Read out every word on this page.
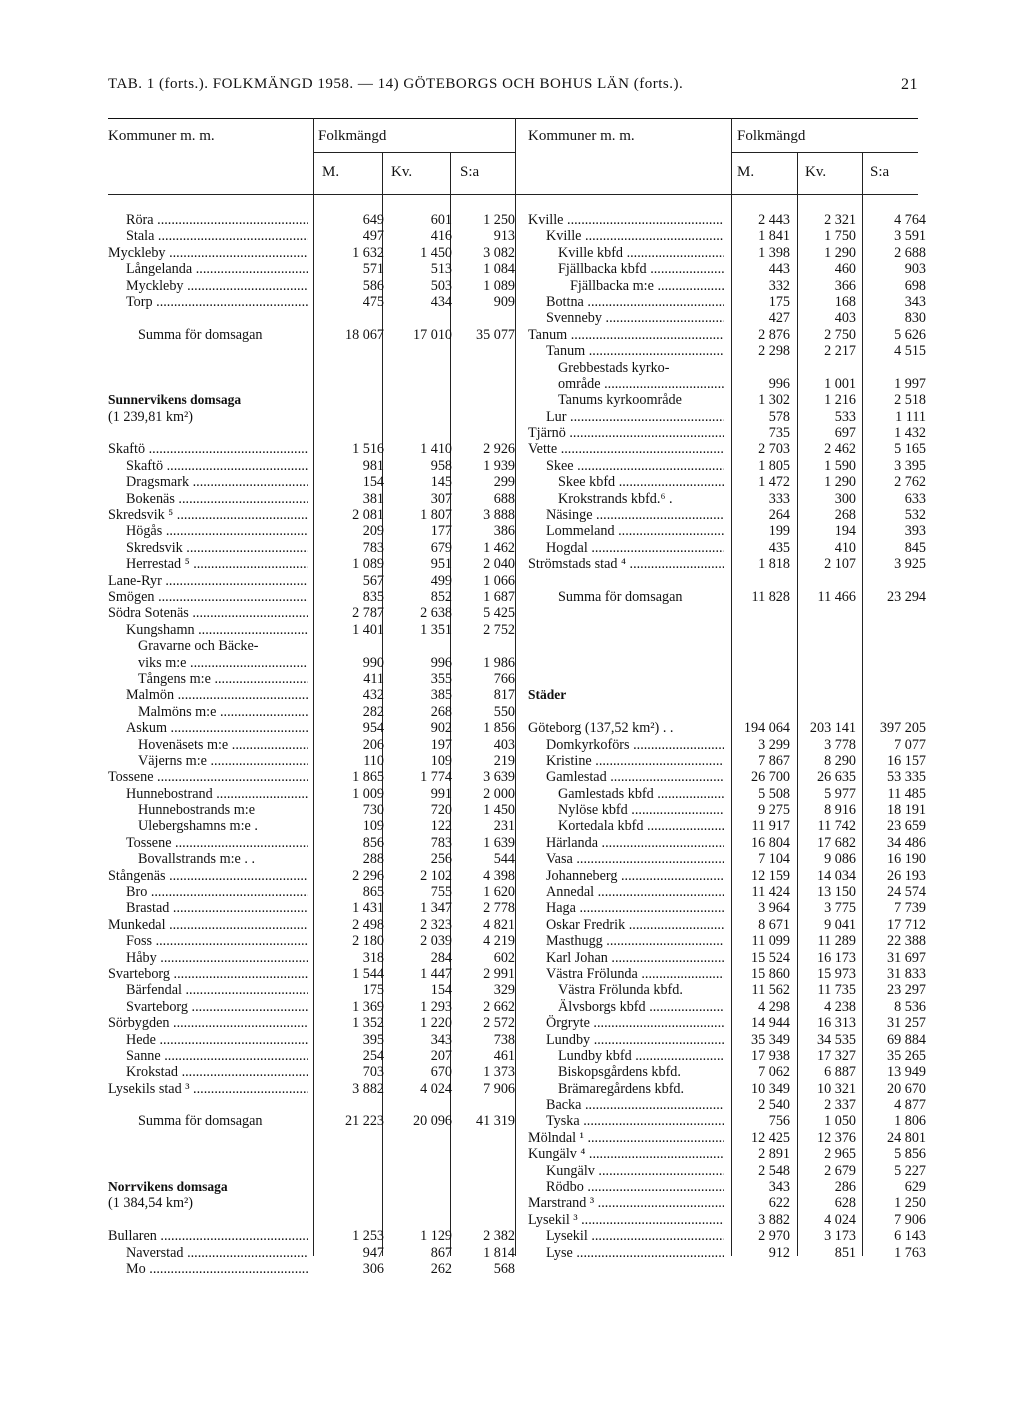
TAB. 1 (forts.). FOLKMÄNGD 1958. — 14) GÖTEBORGS OCH BOHUS LÄN (forts.).	21
Kommuner m. m.	Folkmängd
M.	Kv.	S:a
Kommuner m. m.	Folkmängd
M.	Kv.	S:a
Röra .....	649	601	1 250
Stala .....	497	416	913
Myckleby .....	1 632	1 450	3 082
Långelanda .....	571	513	1 084
Myckleby .....	586	503	1 089
Torp .....	475	434	909
Summa för domsagan	18 067	17 010	35 077
Sunnervikens domsaga
(1 239,81 km²)
Skaftö .....	1 516	1 410	2 926
Skaftö .....	981	958	1 939
Dragsmark .....	154	145	299
Bokenäs .....	381	307	688
Skredsvik ⁵ .....	2 081	1 807	3 888
Högås .....	209	177	386
Skredsvik .....	783	679	1 462
Herrestad ⁵ .....	1 089	951	2 040
Lane-Ryr .....	567	499	1 066
Smögen .....	835	852	1 687
Södra Sotenäs .....	2 787	2 638	5 425
Kungshamn .....	1 401	1 351	2 752
Gravarne och Bäcke-
viks m:e .....	990	996	1 986
Tångens m:e .....	411	355	766
Malmön .....	432	385	817
Malmöns m:e .....	282	268	550
Askum .....	954	902	1 856
Hovenäsets m:e .....	206	197	403
Väjerns m:e .....	110	109	219
Tossene .....	1 865	1 774	3 639
Hunnebostrand .....	1 009	991	2 000
Hunnebostrands m:e	730	720	1 450
Ulebergshamns m:e .	109	122	231
Tossene .....	856	783	1 639
Bovallstrands m:e . .	288	256	544
Stångenäs .....	2 296	2 102	4 398
Bro .....	865	755	1 620
Brastad .....	1 431	1 347	2 778
Munkedal .....	2 498	2 323	4 821
Foss .....	2 180	2 039	4 219
Håby .....	318	284	602
Svarteborg .....	1 544	1 447	2 991
Bärfendal .....	175	154	329
Svarteborg .....	1 369	1 293	2 662
Sörbygden .....	1 352	1 220	2 572
Hede .....	395	343	738
Sanne .....	254	207	461
Krokstad .....	703	670	1 373
Lysekils stad ³ .....	3 882	4 024	7 906
Summa för domsagan	21 223	20 096	41 319
Norrvikens domsaga
(1 384,54 km²)
Bullaren .....	1 253	1 129	2 382
Naverstad .....	947	867	1 814
Mo .....	306	262	568
Kville .....	2 443	2 321	4 764
Kville .....	1 841	1 750	3 591
Kville kbfd .....	1 398	1 290	2 688
Fjällbacka kbfd .....	443	460	903
Fjällbacka m:e .....	332	366	698
Bottna .....	175	168	343
Svenneby .....	427	403	830
Tanum .....	2 876	2 750	5 626
Tanum .....	2 298	2 217	4 515
Grebbestads kyrko-
område .....	996	1 001	1 997
Tanums kyrkoområde	1 302	1 216	2 518
Lur .....	578	533	1 111
Tjärnö .....	735	697	1 432
Vette .....	2 703	2 462	5 165
Skee .....	1 805	1 590	3 395
Skee kbfd .....	1 472	1 290	2 762
Krokstrands kbfd.⁶ .	333	300	633
Näsinge .....	264	268	532
Lommeland .....	199	194	393
Hogdal .....	435	410	845
Strömstads stad ⁴ .....	1 818	2 107	3 925
Summa för domsagan	11 828	11 466	23 294
Städer
Göteborg (137,52 km²) . .	194 064	203 141	397 205
Domkyrkoförs .....	3 299	3 778	7 077
Kristine .....	7 867	8 290	16 157
Gamlestad .....	26 700	26 635	53 335
Gamlestads kbfd .....	5 508	5 977	11 485
Nylöse kbfd .....	9 275	8 916	18 191
Kortedala kbfd .....	11 917	11 742	23 659
Härlanda .....	16 804	17 682	34 486
Vasa .....	7 104	9 086	16 190
Johanneberg .....	12 159	14 034	26 193
Annedal .....	11 424	13 150	24 574
Haga .....	3 964	3 775	7 739
Oskar Fredrik .....	8 671	9 041	17 712
Masthugg .....	11 099	11 289	22 388
Karl Johan .....	15 524	16 173	31 697
Västra Frölunda .....	15 860	15 973	31 833
Västra Frölunda kbfd.	11 562	11 735	23 297
Älvsborgs kbfd .....	4 298	4 238	8 536
Örgryte .....	14 944	16 313	31 257
Lundby .....	35 349	34 535	69 884
Lundby kbfd .....	17 938	17 327	35 265
Biskopsgårdens kbfd.	7 062	6 887	13 949
Brämaregårdens kbfd.	10 349	10 321	20 670
Backa .....	2 540	2 337	4 877
Tyska .....	756	1 050	1 806
Mölndal ¹ .....	12 425	12 376	24 801
Kungälv ⁴ .....	2 891	2 965	5 856
Kungälv .....	2 548	2 679	5 227
Rödbo .....	343	286	629
Marstrand ³ .....	622	628	1 250
Lysekil ³ .....	3 882	4 024	7 906
Lysekil .....	2 970	3 173	6 143
Lyse .....	912	851	1 763
